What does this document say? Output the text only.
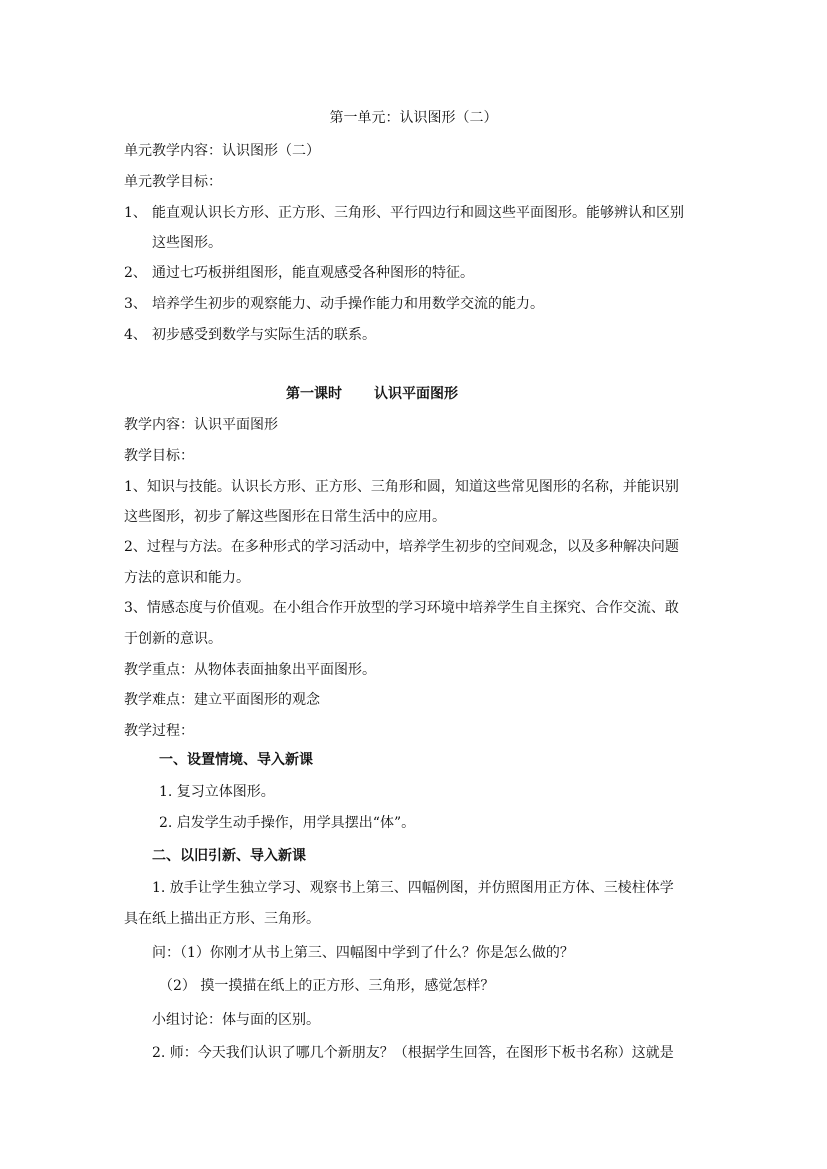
第一单元：认识图形（二）
单元教学内容：认识图形（二）
单元教学目标：
1、 能直观认识长方形、正方形、三角形、平行四边行和圆这些平面图形。能够辨认和区别
这些图形。
2、 通过七巧板拼组图形，能直观感受各种图形的特征。
3、 培养学生初步的观察能力、动手操作能力和用数学交流的能力。
4、 初步感受到数学与实际生活的联系。
第一课时 认识平面图形
教学内容：认识平面图形
教学目标：
1、知识与技能。认识长方形、正方形、三角形和圆，知道这些常见图形的名称，并能识别
这些图形，初步了解这些图形在日常生活中的应用。
2、过程与方法。在多种形式的学习活动中，培养学生初步的空间观念，以及多种解决问题
方法的意识和能力。
3、情感态度与价值观。在小组合作开放型的学习环境中培养学生自主探究、合作交流、敢
于创新的意识。
教学重点：从物体表面抽象出平面图形。
教学难点：建立平面图形的观念
教学过程：
一、设置情境、导入新课
1. 复习立体图形。
2. 启发学生动手操作，用学具摆出“体”。
二、以旧引新、导入新课
1. 放手让学生独立学习、观察书上第三、四幅例图，并仿照图用正方体、三棱柱体学
具在纸上描出正方形、三角形。
问：（1）你刚才从书上第三、四幅图中学到了什么？你是怎么做的？
（2） 摸一摸描在纸上的正方形、三角形，感觉怎样？
小组讨论：体与面的区别。
2. 师：今天我们认识了哪几个新朋友？（根据学生回答，在图形下板书名称）这就是
